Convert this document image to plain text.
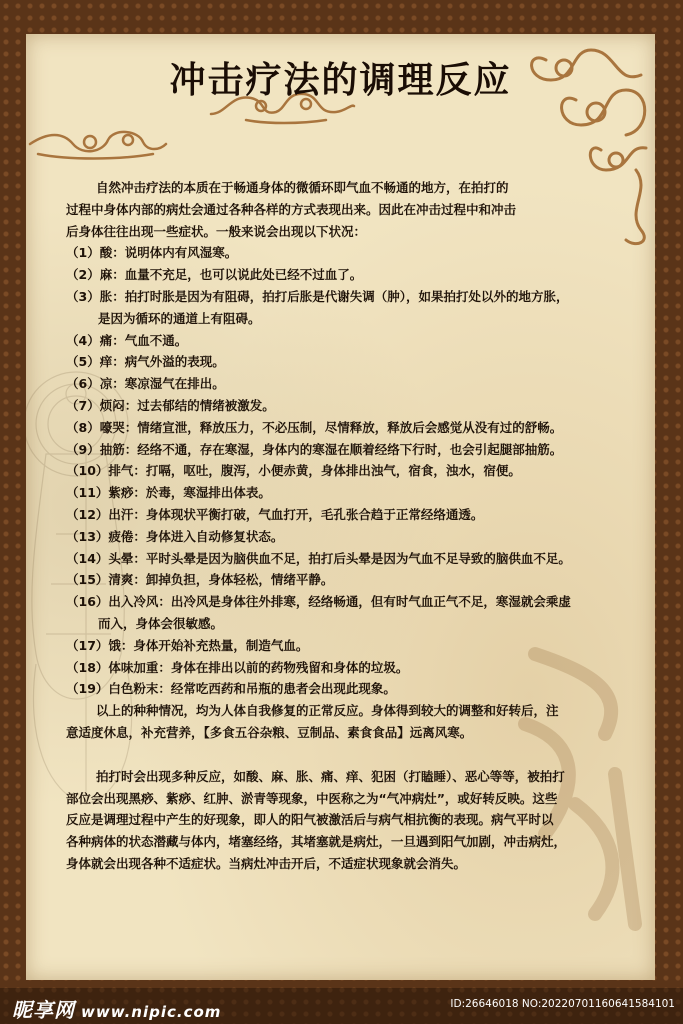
冲击疗法的调理反应

自然冲击疗法的本质在于畅通身体的微循环即气血不畅通的地方，在拍打的

过程中身体内部的病灶会通过各种各样的方式表现出来。因此在冲击过程中和冲击

后身体往往出现一些症状。一般来说会出现以下状况：

（1）酸：说明体内有风湿寒。

（2）麻：血量不充足，也可以说此处已经不过血了。

（3）胀：拍打时胀是因为有阻碍，拍打后胀是代谢失调（肿），如果拍打处以外的地方胀，
是因为循环的通道上有阻碍。

（4）痛：气血不通。

（5）痒：病气外溢的表现。

（6）凉：寒凉湿气在排出。

（7）烦闷：过去郁结的情绪被激发。

（8）嚎哭：情绪宣泄，释放压力，不必压制，尽情释放，释放后会感觉从没有过的舒畅。

（9）抽筋：经络不通，存在寒湿，身体内的寒湿在顺着经络下行时，也会引起腿部抽筋。

（10）排气：打嗝，呕吐，腹泻，小便赤黄，身体排出浊气，宿食，浊水，宿便。

（11）紫痧：於毒，寒湿排出体表。

（12）出汗：身体现状平衡打破，气血打开，毛孔张合趋于正常经络通透。

（13）疲倦：身体进入自动修复状态。

（14）头晕：平时头晕是因为脑供血不足，拍打后头晕是因为气血不足导致的脑供血不足。

（15）清爽：卸掉负担，身体轻松，情绪平静。

（16）出入冷风：出冷风是身体往外排寒，经络畅通，但有时气血正气不足，寒湿就会乘虚
而入，身体会很敏感。

（17）饿：身体开始补充热量，制造气血。

（18）体味加重：身体在排出以前的药物残留和身体的垃圾。

（19）白色粉末：经常吃西药和吊瓶的患者会出现此现象。

以上的种种情况，均为人体自我修复的正常反应。身体得到较大的调整和好转后，注

意适度休息，补充营养，【多食五谷杂粮、豆制品、素食食品】远离风寒。

拍打时会出现多种反应，如酸、麻、胀、痛、痒、犯困（打瞌睡）、恶心等等，被拍打

部位会出现黑痧、紫痧、红肿、淤青等现象，中医称之为“气冲病灶”，或好转反映。这些

反应是调理过程中产生的好现象，即人的阳气被激活后与病气相抗衡的表现。病气平时以

各种病体的状态潜藏与体内，堵塞经络，其堵塞就是病灶，一旦遇到阳气加剧，冲击病灶，

身体就会出现各种不适症状。当病灶冲击开后，不适症状现象就会消失。

昵享网 www.nipic.com	ID:26646018 NO:20220701160641584101
